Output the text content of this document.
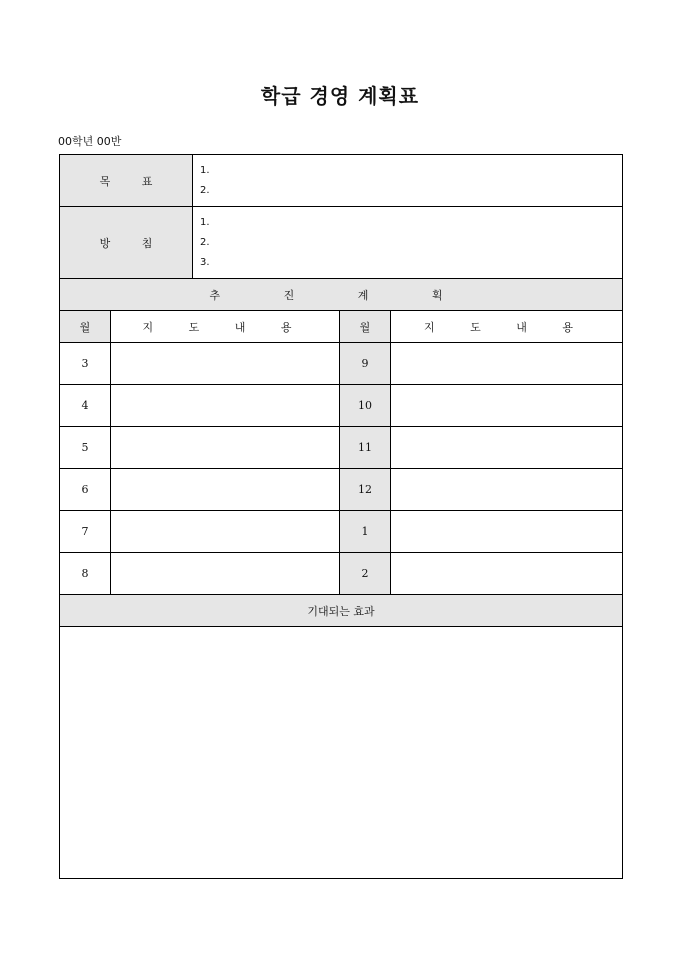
학급 경영 계획표
00학년 00반
목 표		1.
2.		

방 침		1.
2.
3.		

추 진 계 획				
월	지 도 내 용		월	지 도 내 용
3			9	
4			10	
5			11	
6			12	
7			1	
8			2	
기대되는 효과				
